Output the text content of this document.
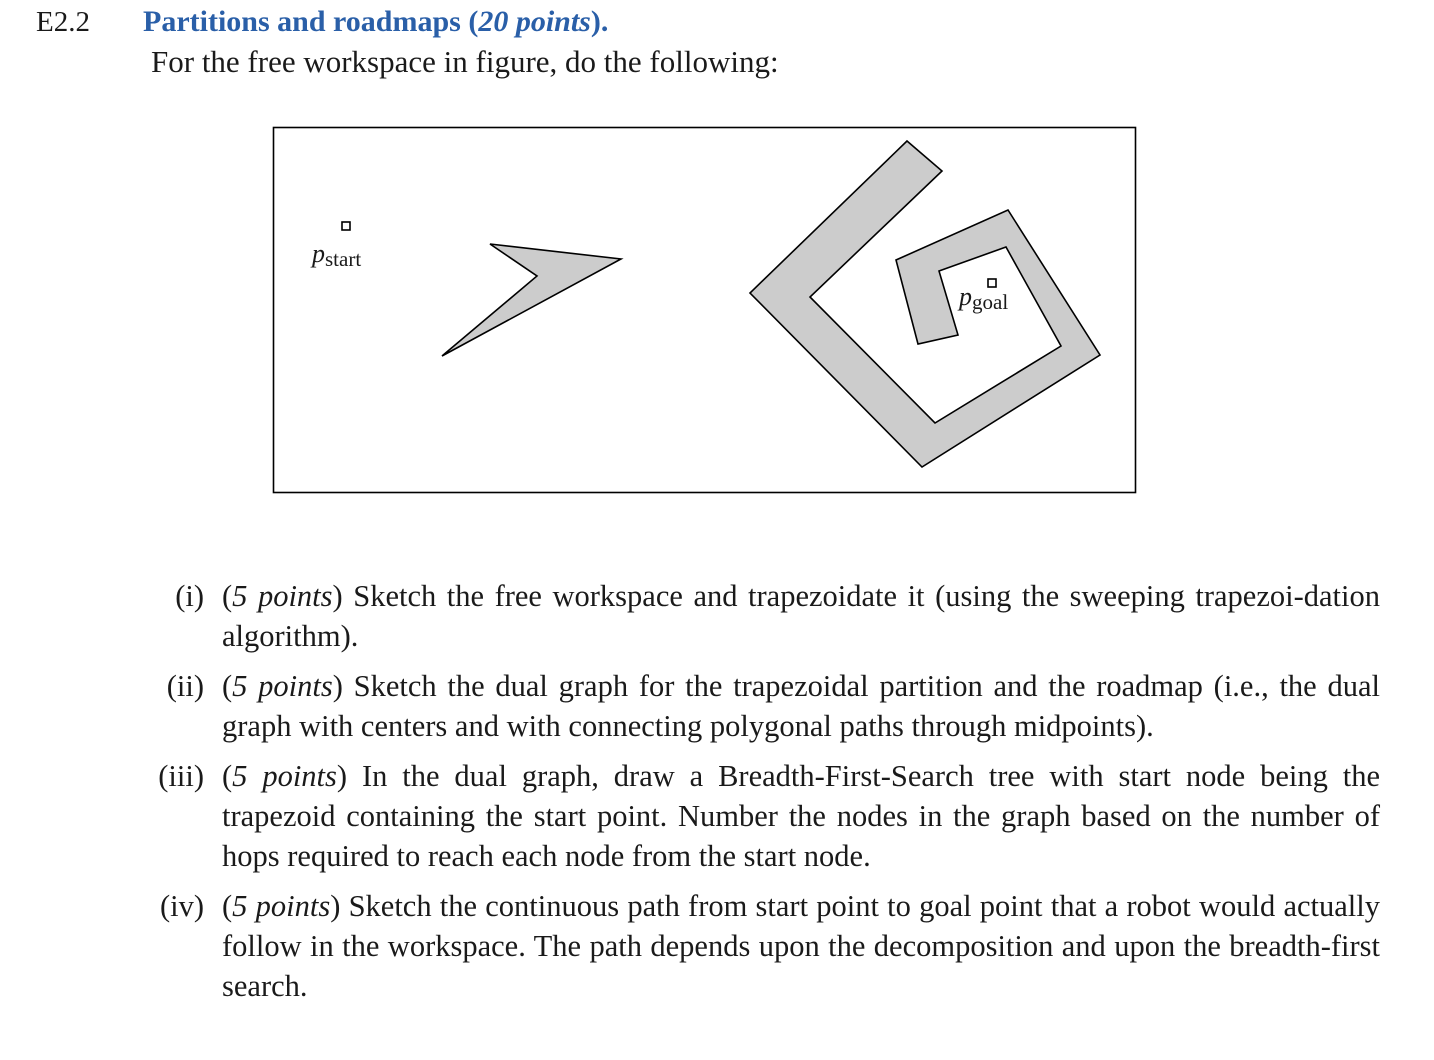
E2.2 Partitions and roadmaps (20 points).
For the free workspace in figure, do the following:
pstart
pgoal
(i) (5 points) Sketch the free workspace and trapezoidate it (using the sweeping trapezoi-dation algorithm).
(ii) (5 points) Sketch the dual graph for the trapezoidal partition and the roadmap (i.e., the dual graph with centers and with connecting polygonal paths through midpoints).
(iii) (5 points) In the dual graph, draw a Breadth-First-Search tree with start node being the trapezoid containing the start point. Number the nodes in the graph based on the number of hops required to reach each node from the start node.
(iv) (5 points) Sketch the continuous path from start point to goal point that a robot would actually follow in the workspace. The path depends upon the decomposition and upon the breadth-first search.
